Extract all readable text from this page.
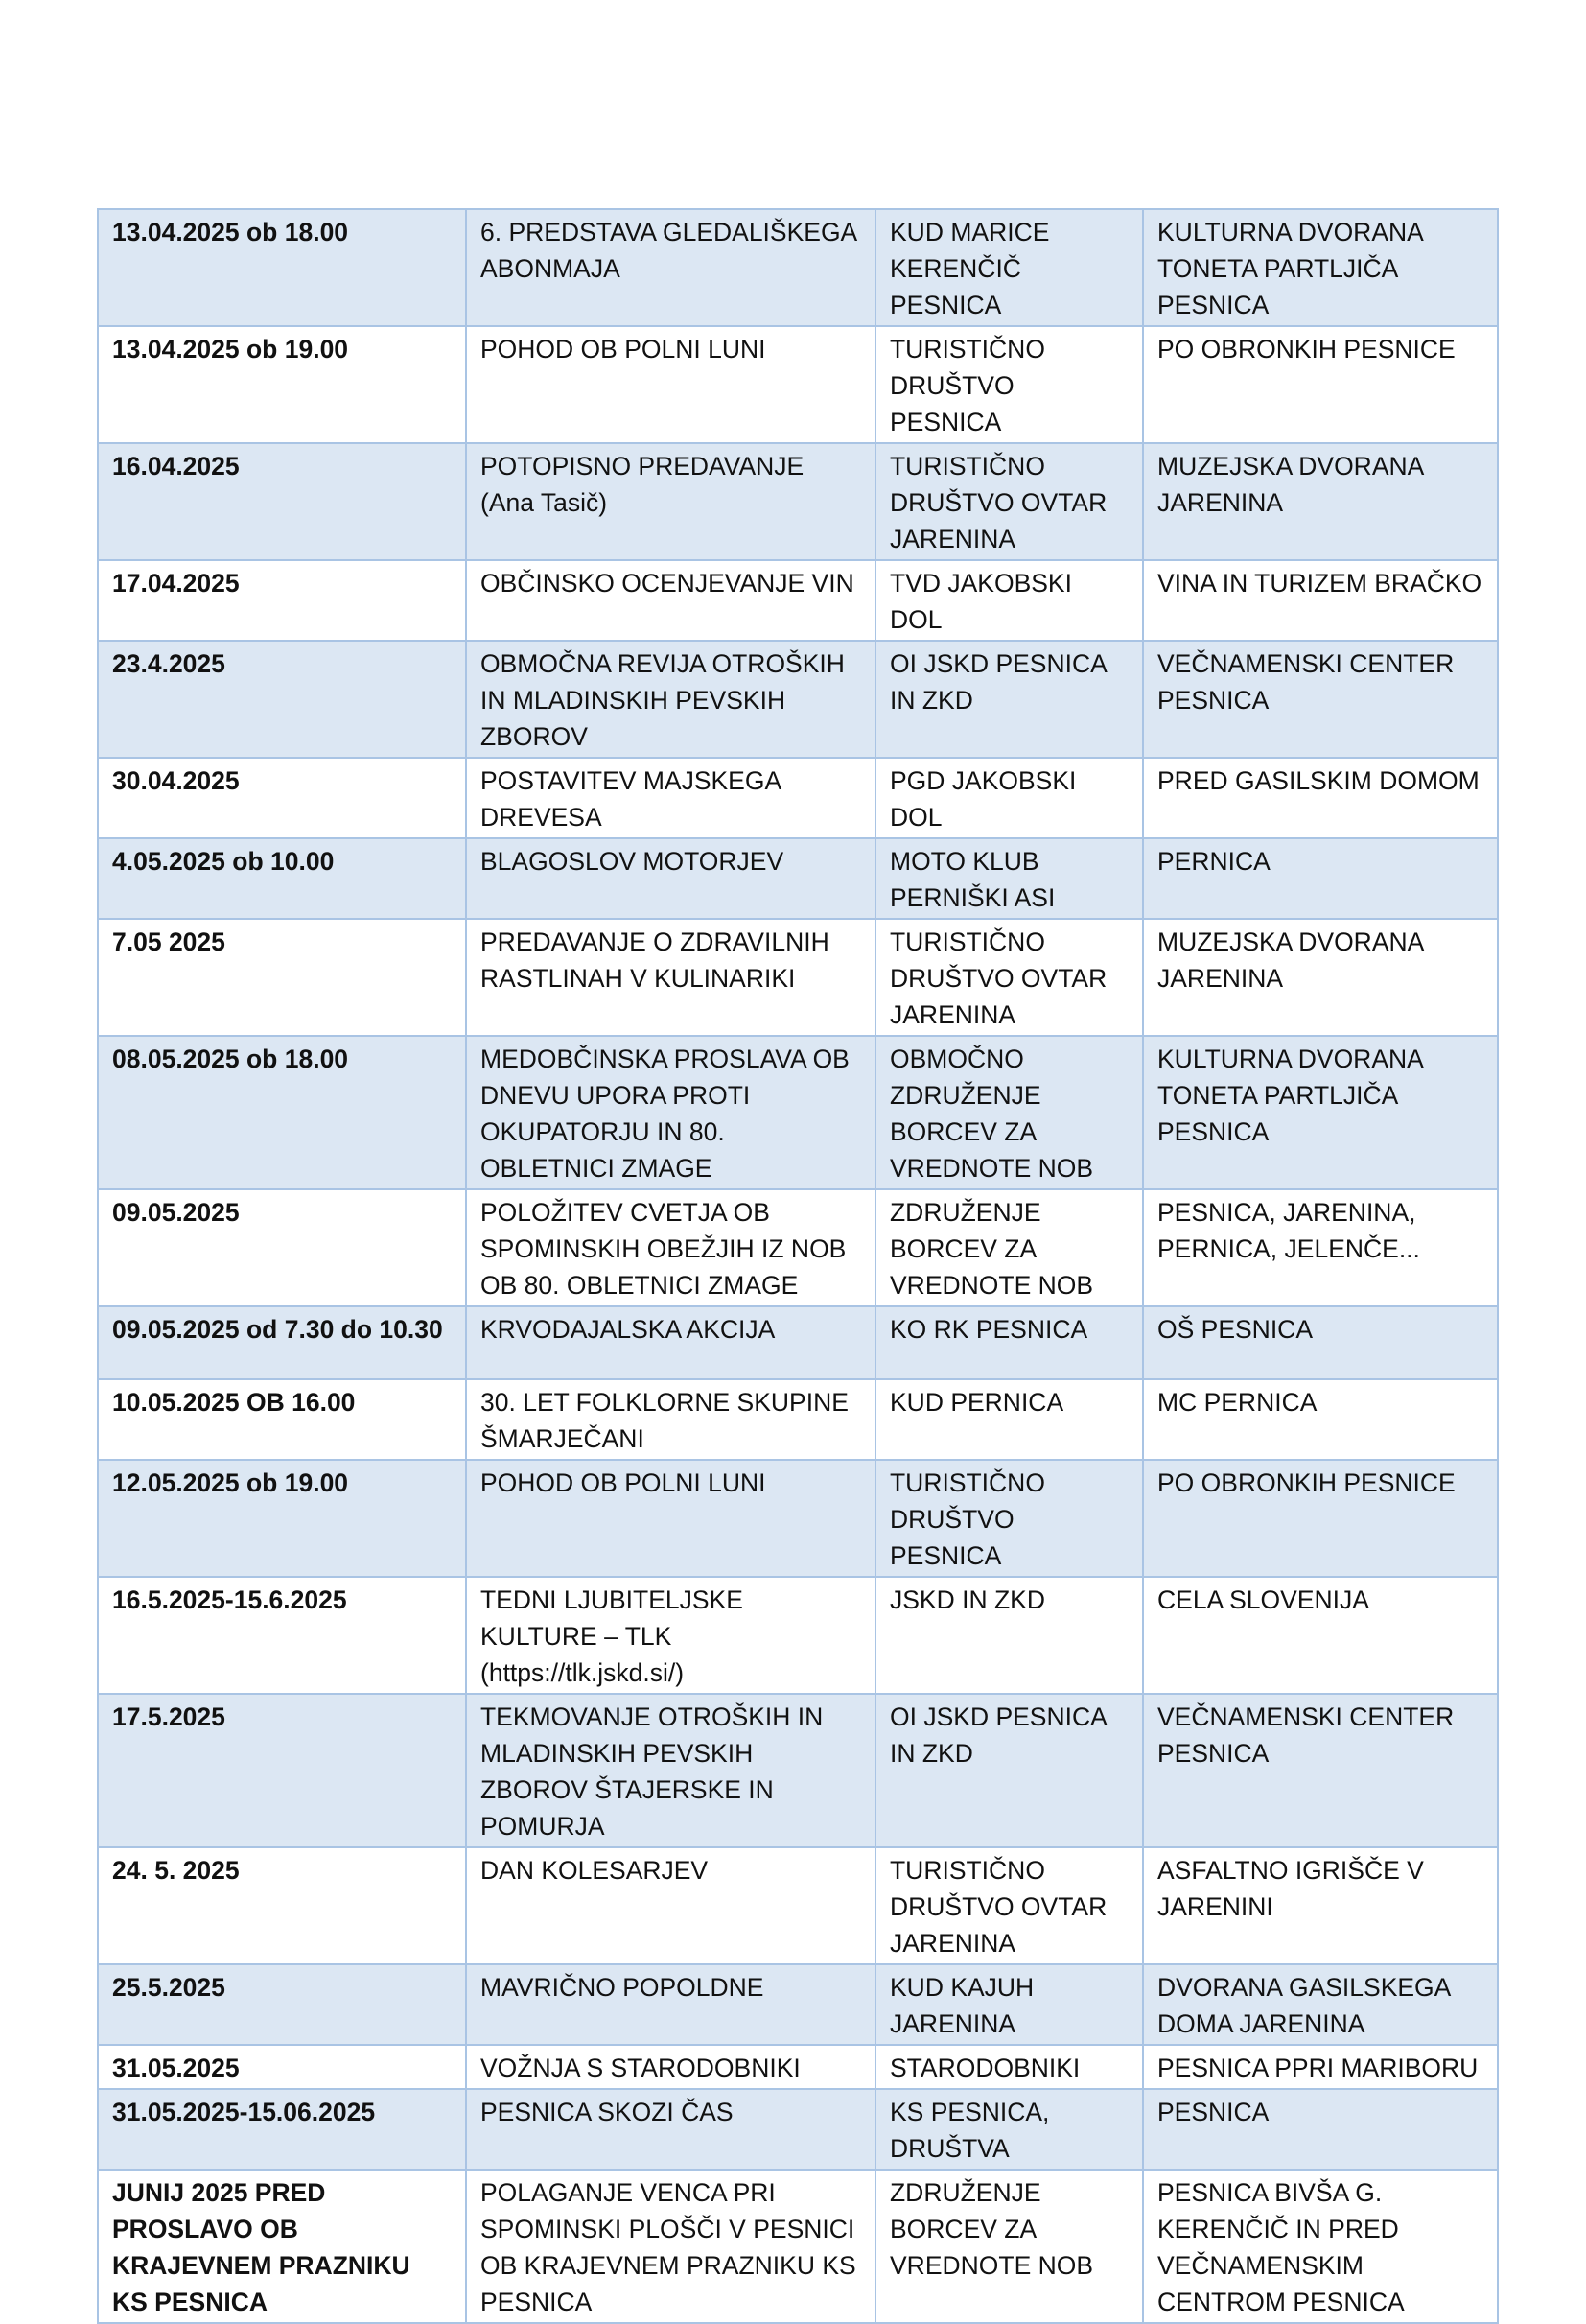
13.04.2025 ob 18.00	6. PREDSTAVA GLEDALIŠKEGA ABONMAJA	KUD MARICE KERENČIČ PESNICA	KULTURNA DVORANA TONETA PARTLJIČA PESNICA
13.04.2025 ob 19.00	POHOD OB POLNI LUNI	TURISTIČNO DRUŠTVO PESNICA	PO OBRONKIH PESNICE
16.04.2025	POTOPISNO PREDAVANJE (Ana Tasič)	TURISTIČNO DRUŠTVO OVTAR JARENINA	MUZEJSKA DVORANA JARENINA
17.04.2025	OBČINSKO OCENJEVANJE VIN	TVD JAKOBSKI DOL	VINA IN TURIZEM BRAČKO
23.4.2025	OBMOČNA REVIJA OTROŠKIH IN MLADINSKIH PEVSKIH ZBOROV	OI JSKD PESNICA IN ZKD	VEČNAMENSKI CENTER PESNICA
30.04.2025	POSTAVITEV MAJSKEGA DREVESA	PGD JAKOBSKI DOL	PRED GASILSKIM DOMOM
4.05.2025 ob 10.00	BLAGOSLOV MOTORJEV	MOTO KLUB PERNIŠKI ASI	PERNICA
7.05 2025	PREDAVANJE O ZDRAVILNIH RASTLINAH V KULINARIKI	TURISTIČNO DRUŠTVO OVTAR JARENINA	MUZEJSKA DVORANA JARENINA
08.05.2025 ob 18.00	MEDOBČINSKA PROSLAVA OB DNEVU UPORA PROTI OKUPATORJU IN 80. OBLETNICI ZMAGE	OBMOČNO ZDRUŽENJE BORCEV ZA VREDNOTE NOB	KULTURNA DVORANA TONETA PARTLJIČA PESNICA
09.05.2025	POLOŽITEV CVETJA OB SPOMINSKIH OBEŽJIH IZ NOB OB 80. OBLETNICI ZMAGE	ZDRUŽENJE BORCEV ZA VREDNOTE NOB	PESNICA, JARENINA, PERNICA, JELENČE...
09.05.2025 od 7.30 do 10.30	KRVODAJALSKA AKCIJA	KO RK PESNICA	OŠ PESNICA
10.05.2025 OB 16.00	30. LET FOLKLORNE SKUPINE ŠMARJEČANI	KUD PERNICA	MC PERNICA
12.05.2025 ob 19.00	POHOD OB POLNI LUNI	TURISTIČNO DRUŠTVO PESNICA	PO OBRONKIH PESNICE
16.5.2025-15.6.2025	TEDNI LJUBITELJSKE KULTURE – TLK (https://tlk.jskd.si/)	JSKD IN ZKD	CELA SLOVENIJA
17.5.2025	TEKMOVANJE OTROŠKIH IN MLADINSKIH PEVSKIH ZBOROV ŠTAJERSKE IN POMURJA	OI JSKD PESNICA IN ZKD	VEČNAMENSKI CENTER PESNICA
24. 5. 2025	DAN KOLESARJEV	TURISTIČNO DRUŠTVO OVTAR JARENINA	ASFALTNO IGRIŠČE V JARENINI
25.5.2025	MAVRIČNO POPOLDNE	KUD KAJUH JARENINA	DVORANA GASILSKEGA DOMA JARENINA
31.05.2025	VOŽNJA S STARODOBNIKI	STARODOBNIKI	PESNICA PPRI MARIBORU
31.05.2025-15.06.2025	PESNICA SKOZI ČAS	KS PESNICA, DRUŠTVA	PESNICA
JUNIJ 2025 PRED PROSLAVO OB KRAJEVNEM PRAZNIKU KS PESNICA	POLAGANJE VENCA PRI SPOMINSKI PLOŠČI V PESNICI OB KRAJEVNEM PRAZNIKU KS PESNICA	ZDRUŽENJE BORCEV ZA VREDNOTE NOB	PESNICA BIVŠA G. KERENČIČ IN PRED VEČNAMENSKIM CENTROM PESNICA
